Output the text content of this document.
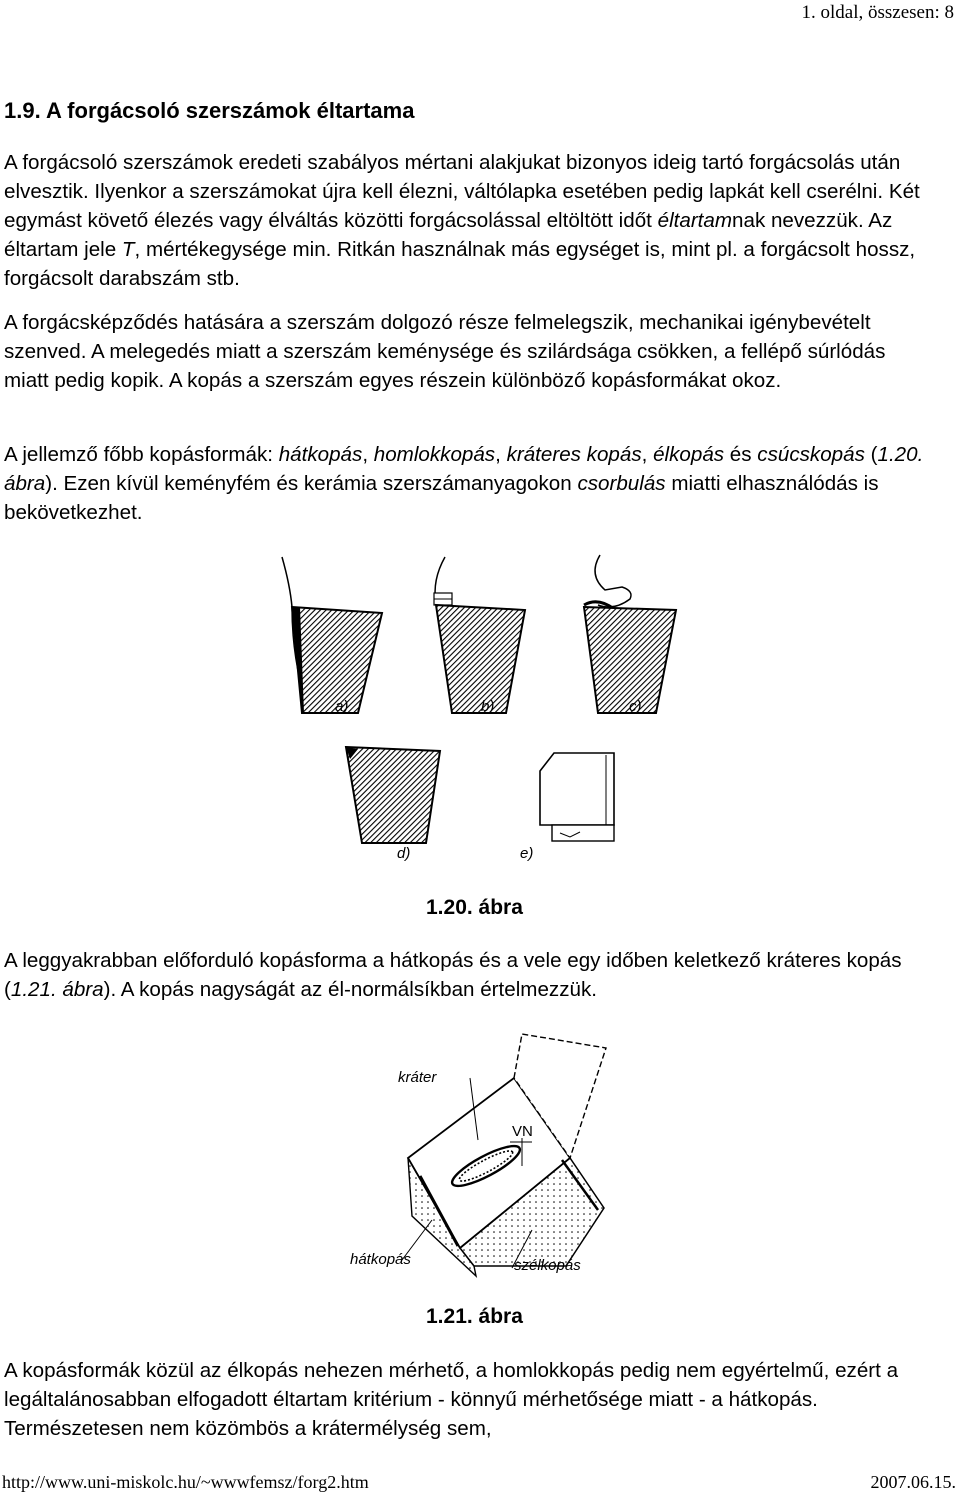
1. oldal, összesen: 8
1.9. A forgácsoló szerszámok éltartama

A forgácsoló szerszámok eredeti szabályos mértani alakjukat bizonyos ideig tartó forgácsolás után elvesztik. Ilyenkor a szerszámokat újra kell élezni, váltólapka esetében pedig lapkát kell cserélni. Két egymást követő élezés vagy élváltás közötti forgácsolással eltöltött időt éltartamnak nevezzük. Az éltartam jele T, mértékegysége min. Ritkán használnak más egységet is, mint pl. a forgácsolt hossz, forgácsolt darabszám stb.

A forgácsképződés hatására a szerszám dolgozó része felmelegszik, mechanikai igénybevételt szenved. A melegedés miatt a szerszám keménysége és szilárdsága csökken, a fellépő súrlódás miatt pedig kopik. A kopás a szerszám egyes részein különböző kopásformákat okoz.

A jellemző főbb kopásformák: hátkopás, homlokkopás, kráteres kopás, élkopás és csúcskopás (1.20. ábra). Ezen kívül keményfém és kerámia szerszámanyagokon csorbulás miatti elhasználódás is bekövetkezhet.

a)	b)	c)
d)	e)
1.20. ábra

A leggyakrabban előforduló kopásforma a hátkopás és a vele egy időben keletkező kráteres kopás (1.21. ábra). A kopás nagyságát az él-normálsíkban értelmezzük.

kráter
VN
hátkopás	szélkopás
1.21. ábra

A kopásformák közül az élkopás nehezen mérhető, a homlokkopás pedig nem egyértelmű, ezért a legáltalánosabban elfogadott éltartam kritérium - könnyű mérhetősége miatt - a hátkopás. Természetesen nem közömbös a krátermélység sem,

http://www.uni-miskolc.hu/~wwwfemsz/forg2.htm	2007.06.15.
